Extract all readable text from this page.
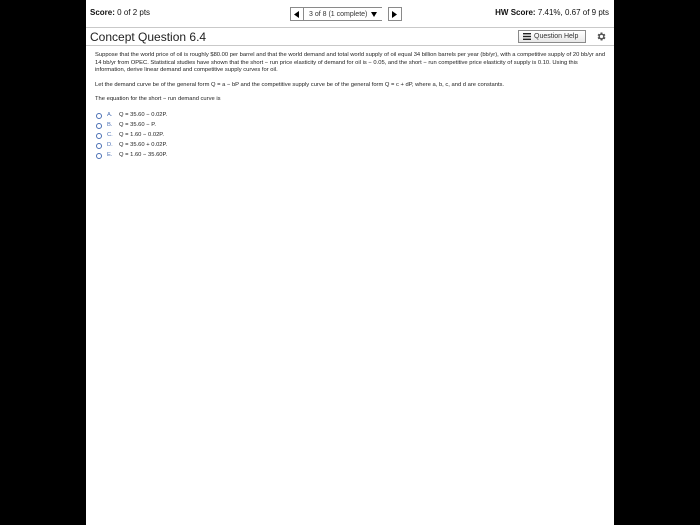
Score: 0 of 2 pts	3 of 8 (1 complete)	HW Score: 7.41%, 0.67 of 9 pts
Concept Question 6.4	Question Help

Suppose that the world price of oil is roughly $80.00 per barrel and that the world demand and total world supply of oil equal 34 billion barrels per year (bb/yr), with a competitive supply of 20 bb/yr and 14 bb/yr from OPEC. Statistical studies have shown that the short − run price elasticity of demand for oil is − 0.05, and the short − run competitive price elasticity of supply is 0.10. Using this information, derive linear demand and competitive supply curves for oil.

Let the demand curve be of the general form Q = a − bP and the competitive supply curve be of the general form Q = c + dP, where a, b, c, and d are constants.

The equation for the short − run demand curve is

A.	Q = 35.60 − 0.02P.
B.	Q = 35.60 − P.
C.	Q = 1.60 − 0.02P.
D.	Q = 35.60 + 0.02P.
E.	Q = 1.60 − 35.60P.
